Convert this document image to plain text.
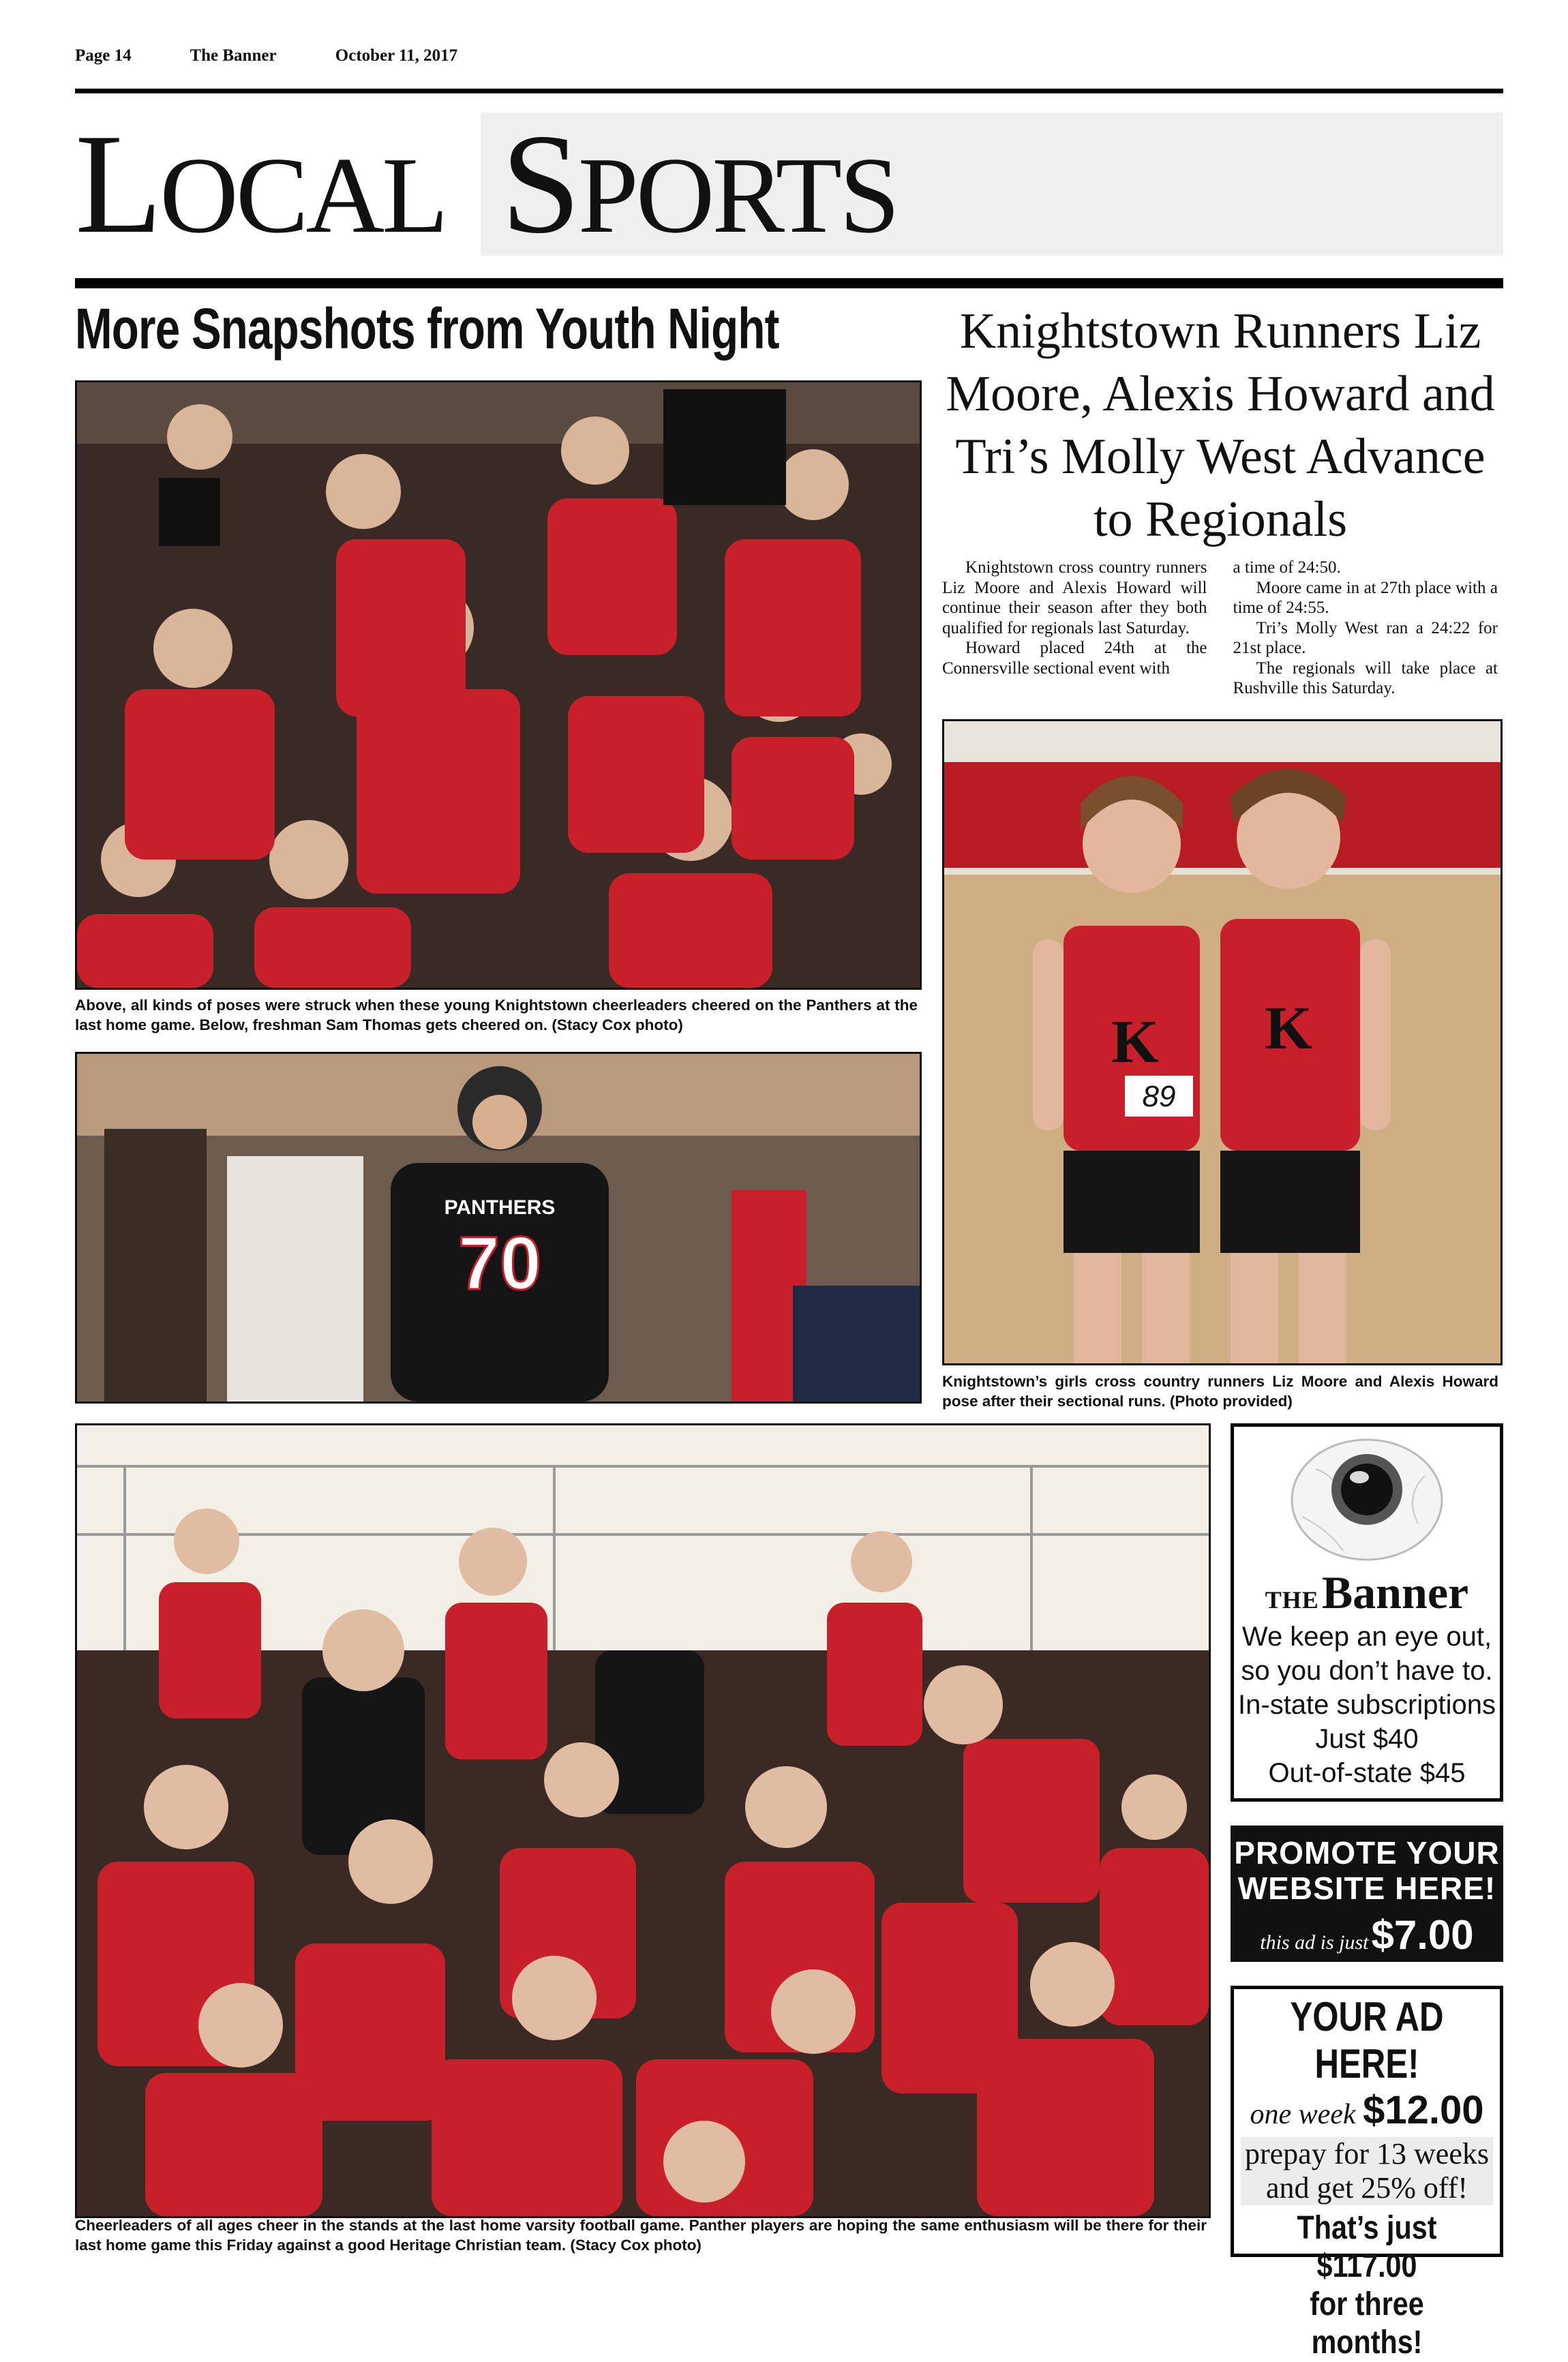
Page 14	The Banner	October 11, 2017
LOCAL SPORTS
More Snapshots from Youth Night	Knightstown Runners Liz Moore, Alexis Howard and Tri’s Molly West Advance to Regionals
Above, all kinds of poses were struck when these young Knightstown cheerleaders cheered on the Panthers at the last home game. Below, freshman Sam Thomas gets cheered on. (Stacy Cox photo)
PANTHERS
70

Knightstown cross country runners Liz Moore and Alexis Howard will continue their season after they both qualified for regionals last Saturday.

Howard placed 24th at the Connersville sectional event with

a time of 24:50.

Moore came in at 27th place with a time of 24:55.

Tri’s Molly West ran a 24:22 for 21st place.

The regionals will take place at Rushville this Saturday.

K K
89
Knightstown’s girls cross country runners Liz Moore and Alexis Howard pose after their sectional runs. (Photo provided)
Cheerleaders of all ages cheer in the stands at the last home varsity football game. Panther players are hoping the same enthusiasm will be there for their last home game this Friday against a good Heritage Christian team. (Stacy Cox photo)
THE Banner
We keep an eye out,
so you don’t have to.
In-state subscriptions
Just $40
Out-of-state $45
PROMOTE YOUR
WEBSITE HERE!
this ad is just $7.00
YOUR AD HERE!
one week $12.00
prepay for 13 weeks
and get 25% off!
That’s just $117.00
for three months!
